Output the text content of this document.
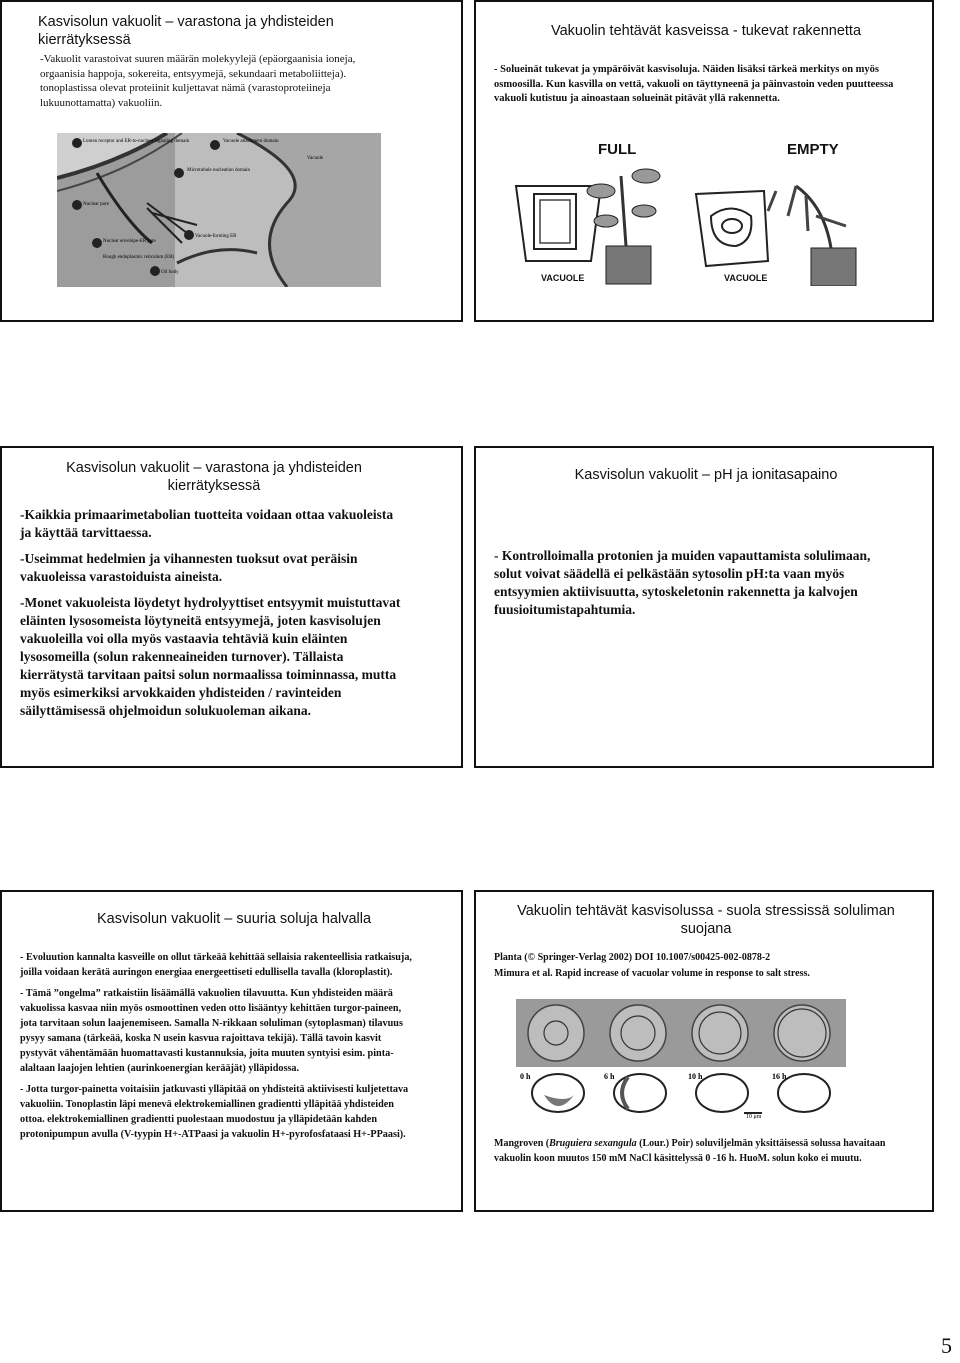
Kasvisolun vakuolit – varastona ja yhdisteiden kierrätyksessä
-Vakuolit varastoivat suuren määrän molekyylejä (epäorgaanisia ioneja, orgaanisia happoja, sokereita, entsyymejä, sekundaari metaboliitteja). tonoplastissa olevat proteiinit kuljettavat nämä (varastoproteiineja lukuunottamatta) vakuoliin.
Vacuole attachment domain
Microtubule nucleation domain
Lumen receptor and ER-to-nucleus signaling domain
Nuclear pore
Nuclear envelope-ER gate
Rough endoplasmic reticulum (ER)
Oil body
Vacuole-forming ER
Vacuole
Vakuolin tehtävät kasveissa - tukevat rakennetta
- Solueinät tukevat ja ympäröivät kasvisoluja. Näiden lisäksi tärkeä merkitys on myös osmoosilla. Kun kasvilla on vettä, vakuoli on täyttyneenä ja päinvastoin veden puutteessa vakuoli kutistuu ja ainoastaan solueinät pitävät yllä rakennetta.
FULL	EMPTY
VACUOLE	VACUOLE
Kasvisolun vakuolit – varastona ja yhdisteiden kierrätyksessä

-Kaikkia primaarimetabolian tuotteita voidaan ottaa vakuoleista ja käyttää tarvittaessa.

-Useimmat hedelmien ja vihannesten tuoksut ovat peräisin vakuoleissa varastoiduista aineista.

-Monet vakuoleista löydetyt hydrolyyttiset entsyymit muistuttavat eläinten lysosomeista löytyneitä entsyymejä, joten kasvisolujen vakuoleilla voi olla myös vastaavia tehtäviä kuin eläinten lysosomeilla (solun rakenneaineiden turnover). Tällaista kierrätystä tarvitaan paitsi solun normaalissa toiminnassa, mutta myös esimerkiksi arvokkaiden yhdisteiden / ravinteiden säilyttämisessä ohjelmoidun solukuoleman aikana.

Kasvisolun vakuolit – pH ja ionitasapaino
- Kontrolloimalla protonien ja muiden vapauttamista solulimaan, solut voivat säädellä ei pelkästään sytosolin pH:ta vaan myös entsyymien aktiivisuutta, sytoskeletonin rakennetta ja kalvojen fuusioitumistapahtumia.
Kasvisolun vakuolit – suuria soluja halvalla

- Evoluution kannalta kasveille on ollut tärkeää kehittää sellaisia rakenteellisia ratkaisuja, joilla voidaan kerätä auringon energiaa energeettiseti edullisella tavalla (kloroplastit).

- Tämä ”ongelma” ratkaistiin lisäämällä vakuolien tilavuutta. Kun yhdisteiden määrä vakuolissa kasvaa niin myös osmoottinen veden otto lisääntyy kehittäen turgor-paineen, jota tarvitaan solun laajenemiseen. Samalla N-rikkaan soluliman (sytoplasman) tilavuus pysyy samana (tärkeää, koska N usein kasvua rajoittava tekijä). Tällä tavoin kasvit pystyvät vähentämään huomattavasti kustannuksia, joita muuten syntyisi esim. pinta-alaltaan laajojen lehtien (aurinkoenergian kerääjät) ylläpidossa.

- Jotta turgor-painetta voitaisiin jatkuvasti ylläpitää on yhdisteitä aktiivisesti kuljetettava vakuoliin. Tonoplastin läpi menevä elektrokemiallinen gradientti ylläpitää yhdisteiden ottoa. elektrokemiallinen gradientti puolestaan muodostuu ja ylläpidetään kahden protonipumpun avulla (V-tyypin H+-ATPaasi ja vakuolin H+-pyrofosfataasi H+-PPaasi).

Vakuolin tehtävät kasvisolussa - suola stressissä soluliman suojana
Planta (© Springer-Verlag 2002) DOI 10.1007/s00425-002-0878-2
Mimura et al. Rapid increase of vacuolar volume in response to salt stress.
0 h	6 h	10 h	16 h
10 μm
Mangroven (Bruguiera sexangula (Lour.) Poir) soluviljelmän yksittäisessä solussa havaitaan vakuolin koon muutos 150 mM NaCl käsittelyssä 0 -16 h. HuoM. solun koko ei muutu.
5
